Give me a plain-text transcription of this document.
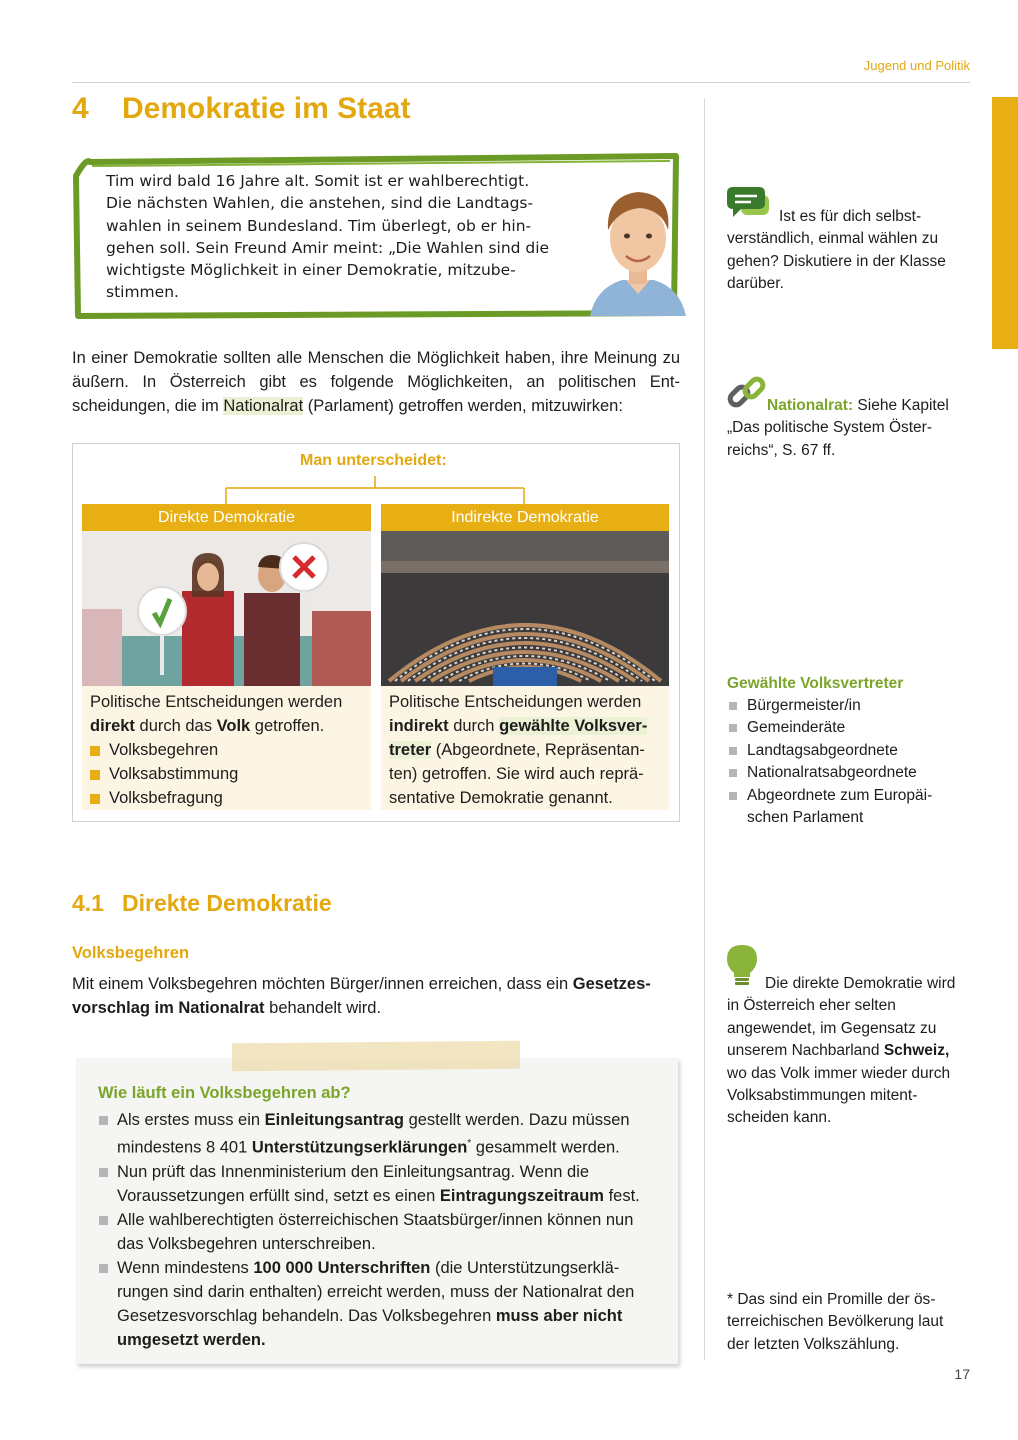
Jugend und Politik
4 Demokratie im Staat
Tim wird bald 16 Jahre alt. Somit ist er wahlberechtigt.
Die nächsten Wahlen, die anstehen, sind die Landtags-
wahlen in seinem Bundesland. Tim überlegt, ob er hin-
gehen soll. Sein Freund Amir meint: „Die Wahlen sind die
wichtigste Möglichkeit in einer Demokratie, mitzube-
stimmen.

In einer Demokratie sollten alle Menschen die Möglichkeit haben, ihre Meinung zu äußern. In Österreich gibt es folgende Möglichkeiten, an politischen Entscheidungen, die im Nationalrat (Parlament) getroffen werden, mitzuwirken:

Man unterscheidet:
Direkte Demokratie	Indirekte Demokratie
Politische Entscheidungen werden direkt durch das Volk getroffen.
Volksbegehren
Volksabstimmung
Volksbefragung
Politische Entscheidungen werden indirekt durch gewählte Volksvertreter (Abgeordnete, Repräsentanten) getroffen. Sie wird auch repräsentative Demokratie genannt.

Ist es für dich selbstverständlich, einmal wählen zu gehen? Diskutiere in der Klasse darüber.

Nationalrat: Siehe Kapitel „Das politische System Österreichs“, S. 67 ff.

Gewählte Volksvertreter
Bürgermeister/in
Gemeinderäte
Landtagsabgeordnete
Nationalratsabgeordnete
Abgeordnete zum Europäischen Parlament

Die direkte Demokratie wird in Österreich eher selten angewendet, im Gegensatz zu unserem Nachbarland Schweiz, wo das Volk immer wieder durch Volksabstimmungen mitentscheiden kann.

* Das sind ein Promille der österreichischen Bevölkerung laut der letzten Volkszählung.

4.1 Direkte Demokratie
Volksbegehren

Mit einem Volksbegehren möchten Bürger/innen erreichen, dass ein Gesetzesvorschlag im Nationalrat behandelt wird.

Wie läuft ein Volksbegehren ab?
Als erstes muss ein Einleitungsantrag gestellt werden. Dazu müssen mindestens 8 401 Unterstützungserklärungen* gesammelt werden.
Nun prüft das Innenministerium den Einleitungsantrag. Wenn die Voraussetzungen erfüllt sind, setzt es einen Eintragungszeitraum fest.
Alle wahlberechtigten österreichischen Staatsbürger/innen können nun das Volksbegehren unterschreiben.
Wenn mindestens 100 000 Unterschriften (die Unterstützungserklärungen sind darin enthalten) erreicht werden, muss der Nationalrat den Gesetzesvorschlag behandeln. Das Volksbegehren muss aber nicht umgesetzt werden.
17
